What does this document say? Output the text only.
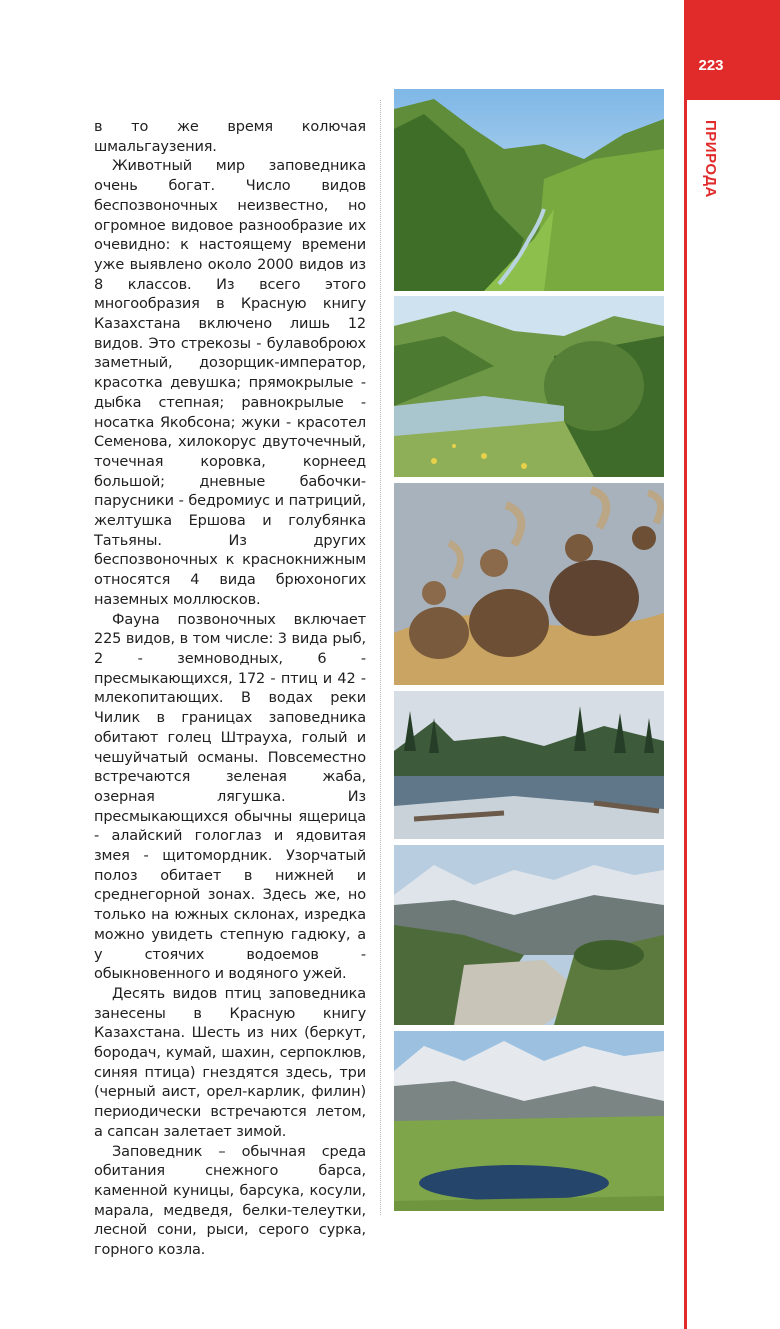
223
ПРИРОДА

в то же время колючая шмальгаузения.

Животный мир заповедника очень богат. Число видов беспозвоночных неизвестно, но огромное видовое разнообразие их очевидно: к настоящему времени уже выявлено около 2000 видов из 8 классов. Из всего этого многообразия в Красную книгу Казахстана включено лишь 12 видов. Это стрекозы - булавоброюх заметный, дозорщик-император, красотка девушка; прямокрылые - дыбка степная; равнокрылые - носатка Якобсона; жуки - красотел Семенова, хилокорус двуточечный, точечная коровка, корнеед большой; дневные бабочки-парусники - бедромиус и патриций, желтушка Ершова и голубянка Татьяны. Из других беспозвоночных к краснокнижным относятся 4 вида брюхоногих наземных моллюсков.

Фауна позвоночных включает 225 видов, в том числе: 3 вида рыб, 2 - земноводных, 6 - пресмыкающихся, 172 - птиц и 42 - млекопитающих. В водах реки Чилик в границах заповедника обитают голец Штрауха, голый и чешуйчатый османы. Повсеместно встречаются зеленая жаба, озерная лягушка. Из пресмыкающихся обычны ящерица - алайский гологлаз и ядовитая змея - щитомордник. Узорчатый полоз обитает в нижней и среднегорной зонах. Здесь же, но только на южных склонах, изредка можно увидеть степную гадюку, а у стоячих водоемов - обыкновенного и водяного ужей.

Десять видов птиц заповедника занесены в Красную книгу Казахстана. Шесть из них (беркут, бородач, кумай, шахин, серпоклюв, синяя птица) гнездятся здесь, три (черный аист, орел-карлик, филин) периодически встречаются летом, а сапсан залетает зимой.

Заповедник – обычная среда обитания снежного барса, каменной куницы, барсука, косули, марала, медведя, белки-телеутки, лесной сони, рыси, серого сурка, горного козла.
